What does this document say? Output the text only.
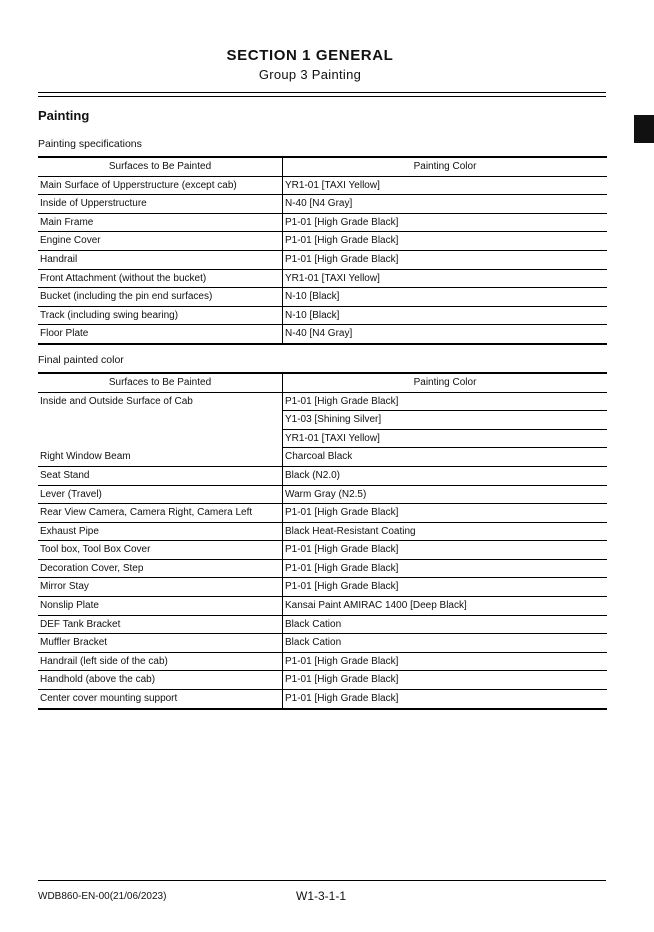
SECTION 1 GENERAL
Group 3 Painting
Painting
Painting specifications
Surfaces to Be Painted	Painting Color
Main Surface of Upperstructure (except cab)	YR1-01 [TAXI Yellow]
Inside of Upperstructure	N-40 [N4 Gray]
Main Frame	P1-01 [High Grade Black]
Engine Cover	P1-01 [High Grade Black]
Handrail	P1-01 [High Grade Black]
Front Attachment (without the bucket)	YR1-01 [TAXI Yellow]
Bucket (including the pin end surfaces)	N-10 [Black]
Track (including swing bearing)	N-10 [Black]
Floor Plate	N-40 [N4 Gray]
Final painted color
Surfaces to Be Painted	Painting Color
Inside and Outside Surface of Cab	P1-01 [High Grade Black]
	Y1-03 [Shining Silver]
	YR1-01 [TAXI Yellow]
Right Window Beam	Charcoal Black
Seat Stand	Black (N2.0)
Lever (Travel)	Warm Gray (N2.5)
Rear View Camera, Camera Right, Camera Left	P1-01 [High Grade Black]
Exhaust Pipe	Black Heat-Resistant Coating
Tool box, Tool Box Cover	P1-01 [High Grade Black]
Decoration Cover, Step	P1-01 [High Grade Black]
Mirror Stay	P1-01 [High Grade Black]
Nonslip Plate	Kansai Paint AMIRAC 1400 [Deep Black]
DEF Tank Bracket	Black Cation
Muffler Bracket	Black Cation
Handrail (left side of the cab)	P1-01 [High Grade Black]
Handhold (above the cab)	P1-01 [High Grade Black]
Center cover mounting support	P1-01 [High Grade Black]
WDB860-EN-00(21/06/2023)	W1-3-1-1
